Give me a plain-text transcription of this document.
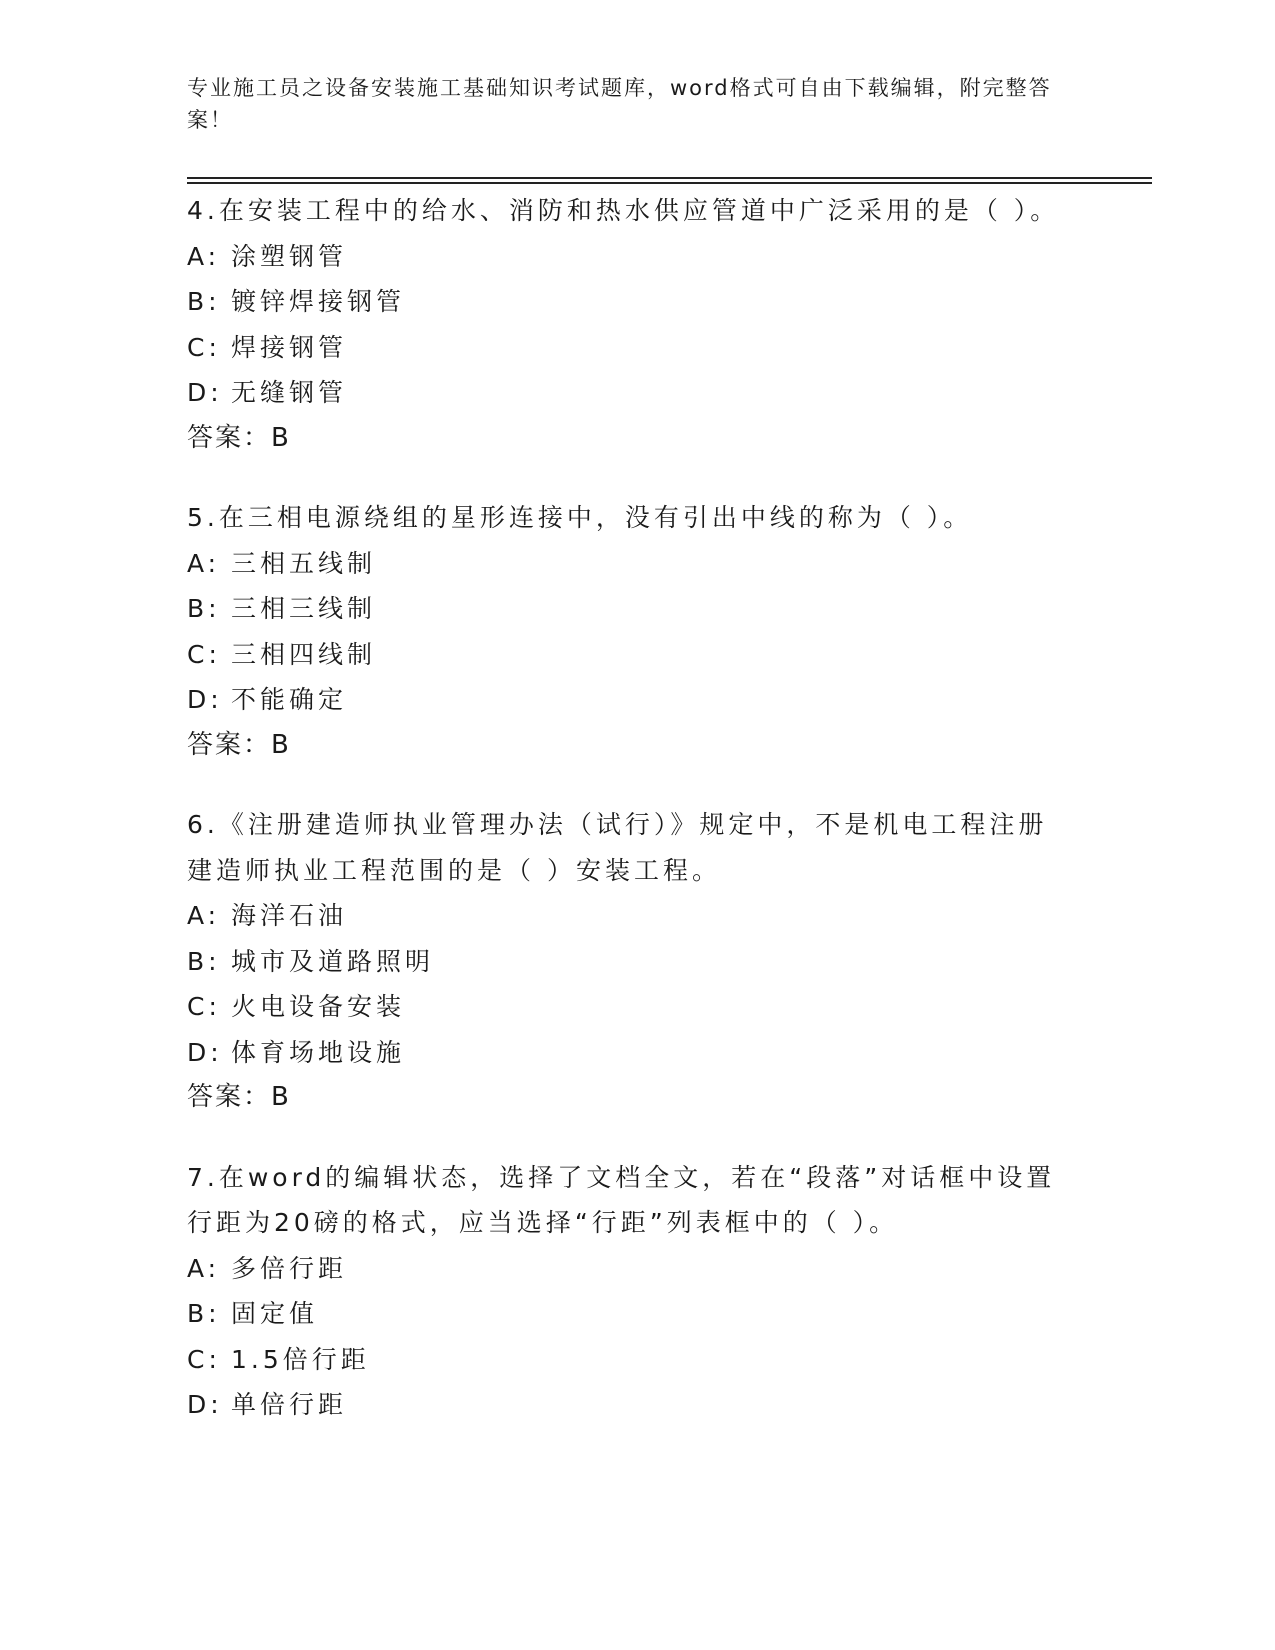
专业施工员之设备安装施工基础知识考试题库，word格式可自由下载编辑，附完整答案！

4.在安装工程中的给水、消防和热水供应管道中广泛采用的是（ ）。

A: 涂塑钢管

B: 镀锌焊接钢管

C: 焊接钢管

D: 无缝钢管

答案：B

5.在三相电源绕组的星形连接中，没有引出中线的称为（ ）。

A: 三相五线制

B: 三相三线制

C: 三相四线制

D: 不能确定

答案：B

6.《注册建造师执业管理办法（试行）》规定中，不是机电工程注册建造师执业工程范围的是（ ）安装工程。

A: 海洋石油

B: 城市及道路照明

C: 火电设备安装

D: 体育场地设施

答案：B

7.在word的编辑状态，选择了文档全文，若在“段落”对话框中设置行距为20磅的格式，应当选择“行距”列表框中的（ ）。

A: 多倍行距

B: 固定值

C: 1.5倍行距

D: 单倍行距
